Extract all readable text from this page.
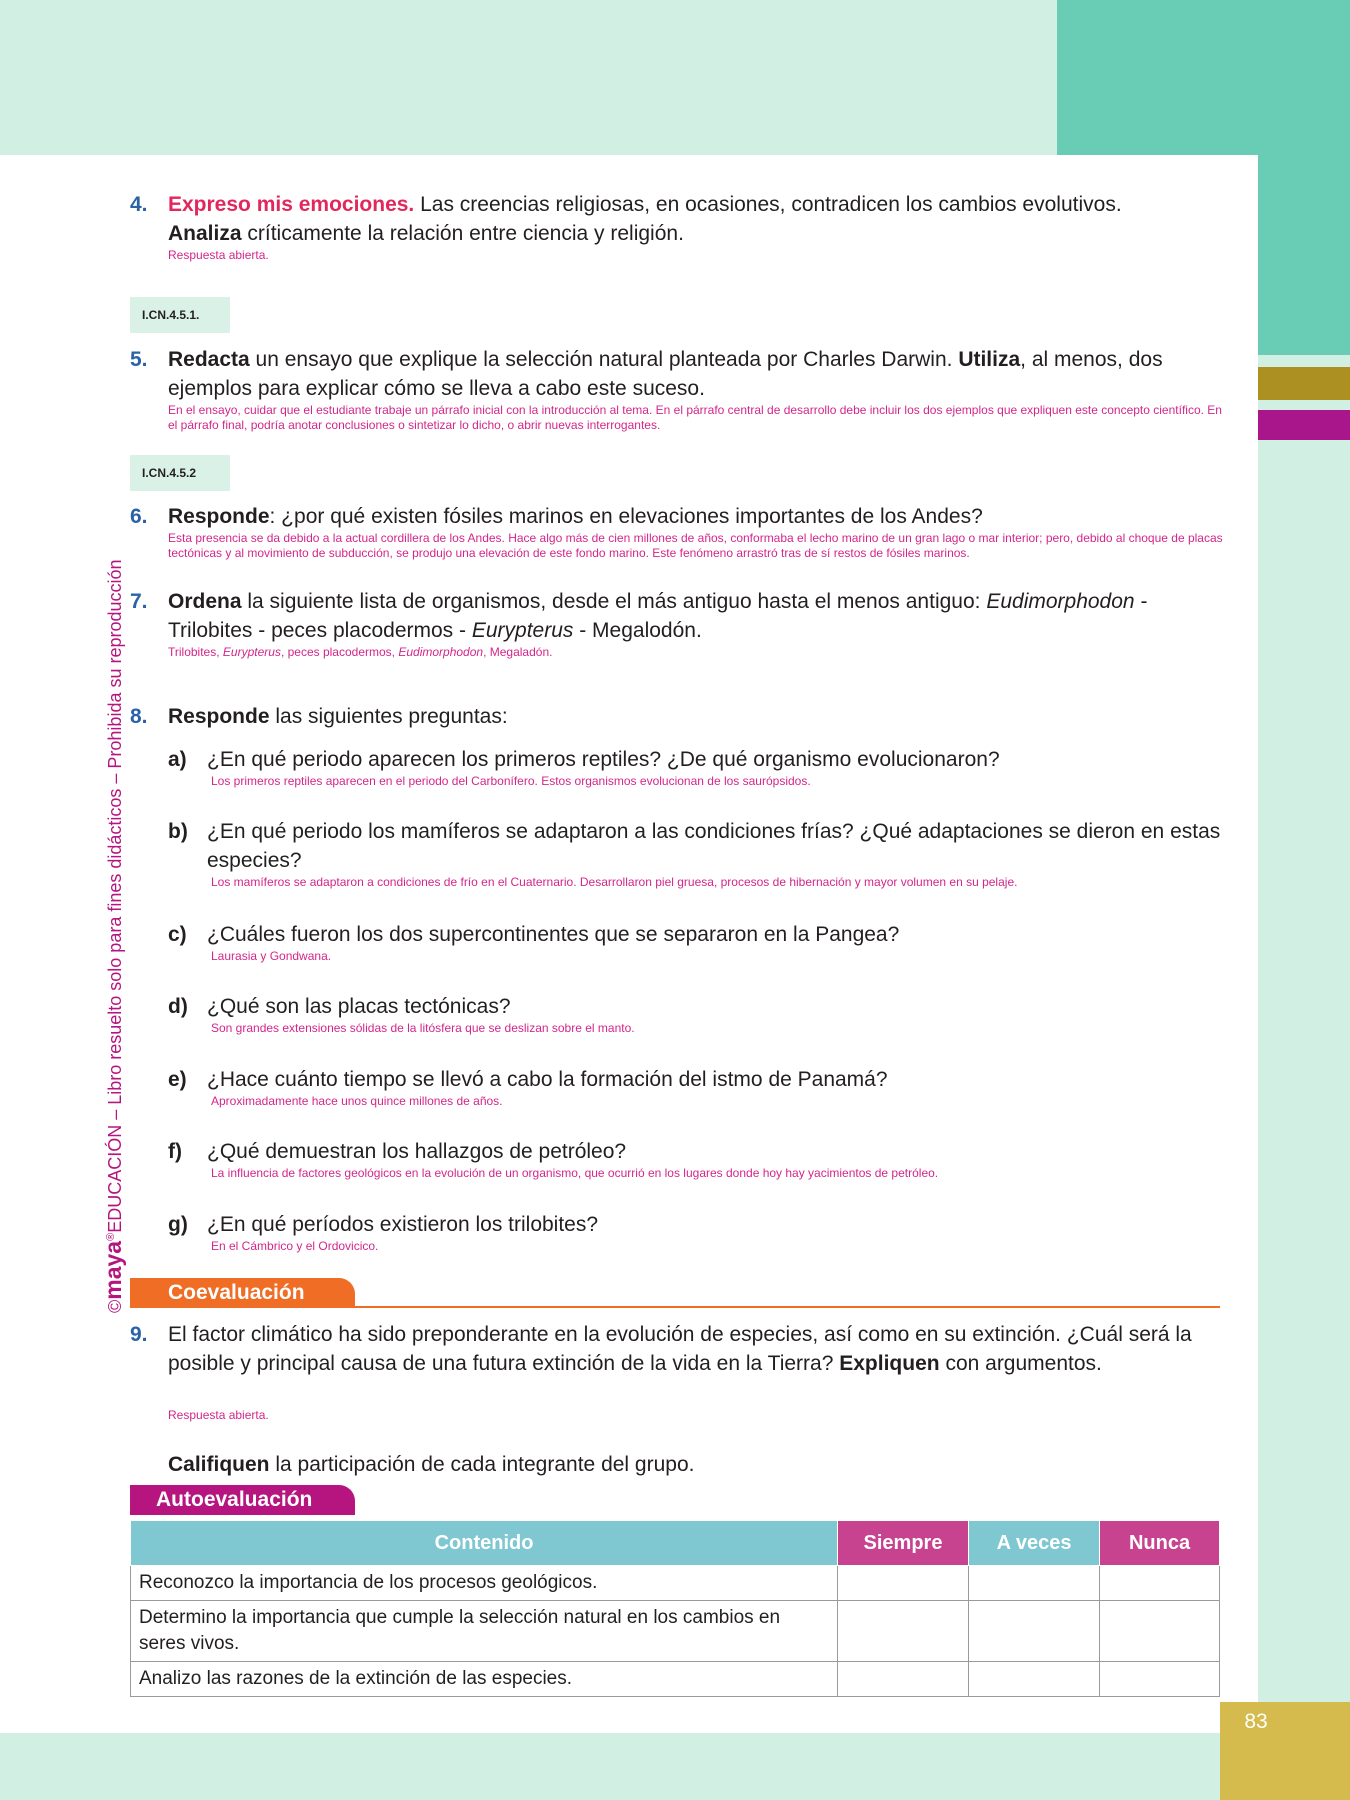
83
©maya®EDUCACIÓN – Libro resuelto solo para fines didácticos – Prohibida su reproducción
4. Expreso mis emociones. Las creencias religiosas, en ocasiones, contradicen los cambios evolutivos.
Analiza críticamente la relación entre ciencia y religión.
Respuesta abierta.
I.CN.4.5.1.
5. Redacta un ensayo que explique la selección natural planteada por Charles Darwin. Utiliza, al menos, dos ejemplos para explicar cómo se lleva a cabo este suceso.
En el ensayo, cuidar que el estudiante trabaje un párrafo inicial con la introducción al tema. En el párrafo central de desarrollo debe incluir los dos ejemplos que expliquen este concepto científico. En el párrafo final, podría anotar conclusiones o sintetizar lo dicho, o abrir nuevas interrogantes.
I.CN.4.5.2
6. Responde: ¿por qué existen fósiles marinos en elevaciones importantes de los Andes?
Esta presencia se da debido a la actual cordillera de los Andes. Hace algo más de cien millones de años, conformaba el lecho marino de un gran lago o mar interior; pero, debido al choque de placas tectónicas y al movimiento de subducción, se produjo una elevación de este fondo marino. Este fenómeno arrastró tras de sí restos de fósiles marinos.
7. Ordena la siguiente lista de organismos, desde el más antiguo hasta el menos antiguo: Eudimorphodon - Trilobites - peces placodermos - Eurypterus - Megalodón.
Trilobites, Eurypterus, peces placodermos, Eudimorphodon, Megaladón.
8. Responde las siguientes preguntas:
a) ¿En qué periodo aparecen los primeros reptiles? ¿De qué organismo evolucionaron?
Los primeros reptiles aparecen en el periodo del Carbonífero. Estos organismos evolucionan de los saurópsidos.
b) ¿En qué periodo los mamíferos se adaptaron a las condiciones frías? ¿Qué adaptaciones se dieron en estas especies?
Los mamíferos se adaptaron a condiciones de frío en el Cuaternario. Desarrollaron piel gruesa, procesos de hibernación y mayor volumen en su pelaje.
c) ¿Cuáles fueron los dos supercontinentes que se separaron en la Pangea?
Laurasia y Gondwana.
d) ¿Qué son las placas tectónicas?
Son grandes extensiones sólidas de la litósfera que se deslizan sobre el manto.
e) ¿Hace cuánto tiempo se llevó a cabo la formación del istmo de Panamá?
Aproximadamente hace unos quince millones de años.
f) ¿Qué demuestran los hallazgos de petróleo?
La influencia de factores geológicos en la evolución de un organismo, que ocurrió en los lugares donde hoy hay yacimientos de petróleo.
g) ¿En qué períodos existieron los trilobites?
En el Cámbrico y el Ordovicico.
Coevaluación
9. El factor climático ha sido preponderante en la evolución de especies, así como en su extinción. ¿Cuál será la posible y principal causa de una futura extinción de la vida en la Tierra? Expliquen con argumentos.
Respuesta abierta.
Califiquen la participación de cada integrante del grupo.
Autoevaluación
Contenido	Siempre	A veces	Nunca
Reconozco la importancia de los procesos geológicos.			
Determino la importancia que cumple la selección natural en los cambios en seres vivos.			
Analizo las razones de la extinción de las especies.			
